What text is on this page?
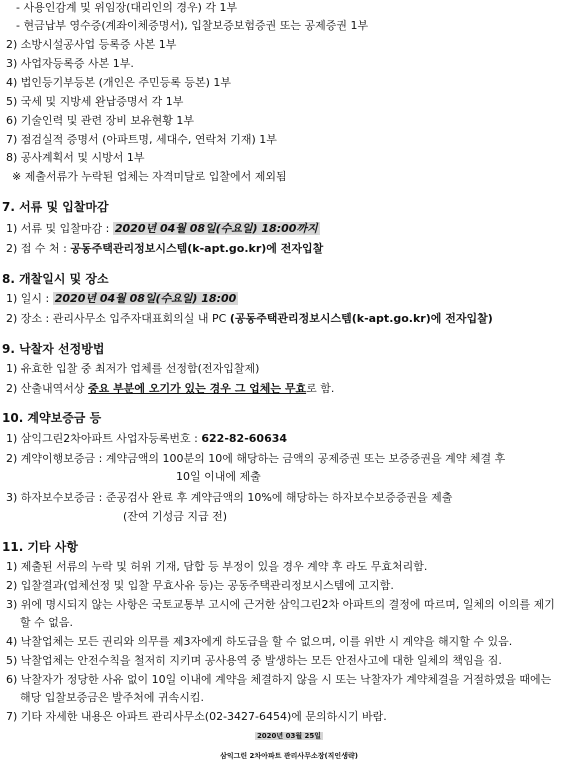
- 사용인감계 및 위임장(대리인의 경우) 각 1부
- 현금납부 영수증(계좌이체증명서), 입찰보증보험증권 또는 공제증권 1부
2) 소방시설공사업 등록증 사본 1부
3) 사업자등록증 사본 1부.
4) 법인등기부등본 (개인은 주민등록 등본) 1부
5) 국세 및 지방세 완납증명서 각 1부
6) 기술인력 및 관련 장비 보유현황 1부
7) 점검실적 증명서 (아파트명, 세대수, 연락처 기재) 1부
8) 공사계획서 및 시방서 1부
※ 제출서류가 누락된 업체는 자격미달로 입찰에서 제외됨
7. 서류 및 입찰마감
1) 서류 및 입찰마감 : 2020년 04월 08일(수요일) 18:00까지
2) 접 수 처 : 공동주택관리정보시스템(k-apt.go.kr)에 전자입찰
8. 개찰일시 및 장소
1) 일시 : 2020년 04월 08일(수요일) 18:00
2) 장소 : 관리사무소 입주자대표회의실 내 PC (공동주택관리정보시스템(k-apt.go.kr)에 전자입찰)
9. 낙찰자 선정방법
1) 유효한 입찰 중 최저가 업체를 선정함(전자입찰제)
2) 산출내역서상 중요 부분에 오기가 있는 경우 그 업체는 무효로 함.
10. 계약보증금 등
1) 삼익그린2차아파트 사업자등록번호 : 622-82-60634
2) 계약이행보증금 : 계약금액의 100분의 10에 해당하는 금액의 공제증권 또는 보증증권을 계약 체결 후
10일 이내에 제출
3) 하자보수보증금 : 준공검사 완료 후 계약금액의 10%에 해당하는 하자보수보증증권을 제출
(잔여 기성금 지급 전)
11. 기타 사항
1) 제출된 서류의 누락 및 허위 기재, 담합 등 부정이 있을 경우 계약 후 라도 무효처리함.
2) 입찰결과(업체선정 및 입찰 무효사유 등)는 공동주택관리정보시스템에 고지함.
3) 위에 명시되지 않는 사항은 국토교통부 고시에 근거한 삼익그린2차 아파트의 결정에 따르며, 일체의 이의를 제기
할 수 없음.
4) 낙찰업체는 모든 권리와 의무를 제3자에게 하도급을 할 수 없으며, 이를 위반 시 계약을 해지할 수 있음.
5) 낙찰업체는 안전수칙을 철저히 지키며 공사용역 중 발생하는 모든 안전사고에 대한 일체의 책임을 짐.
6) 낙찰자가 정당한 사유 없이 10일 이내에 계약을 체결하지 않을 시 또는 낙찰자가 계약체결을 거절하였을 때에는
해당 입찰보증금은 발주처에 귀속시킴.
7) 기타 자세한 내용은 아파트 관리사무소(02-3427-6454)에 문의하시기 바람.
2020년 03월 25일
삼익그린 2차아파트 관리사무소장(직인생략)
